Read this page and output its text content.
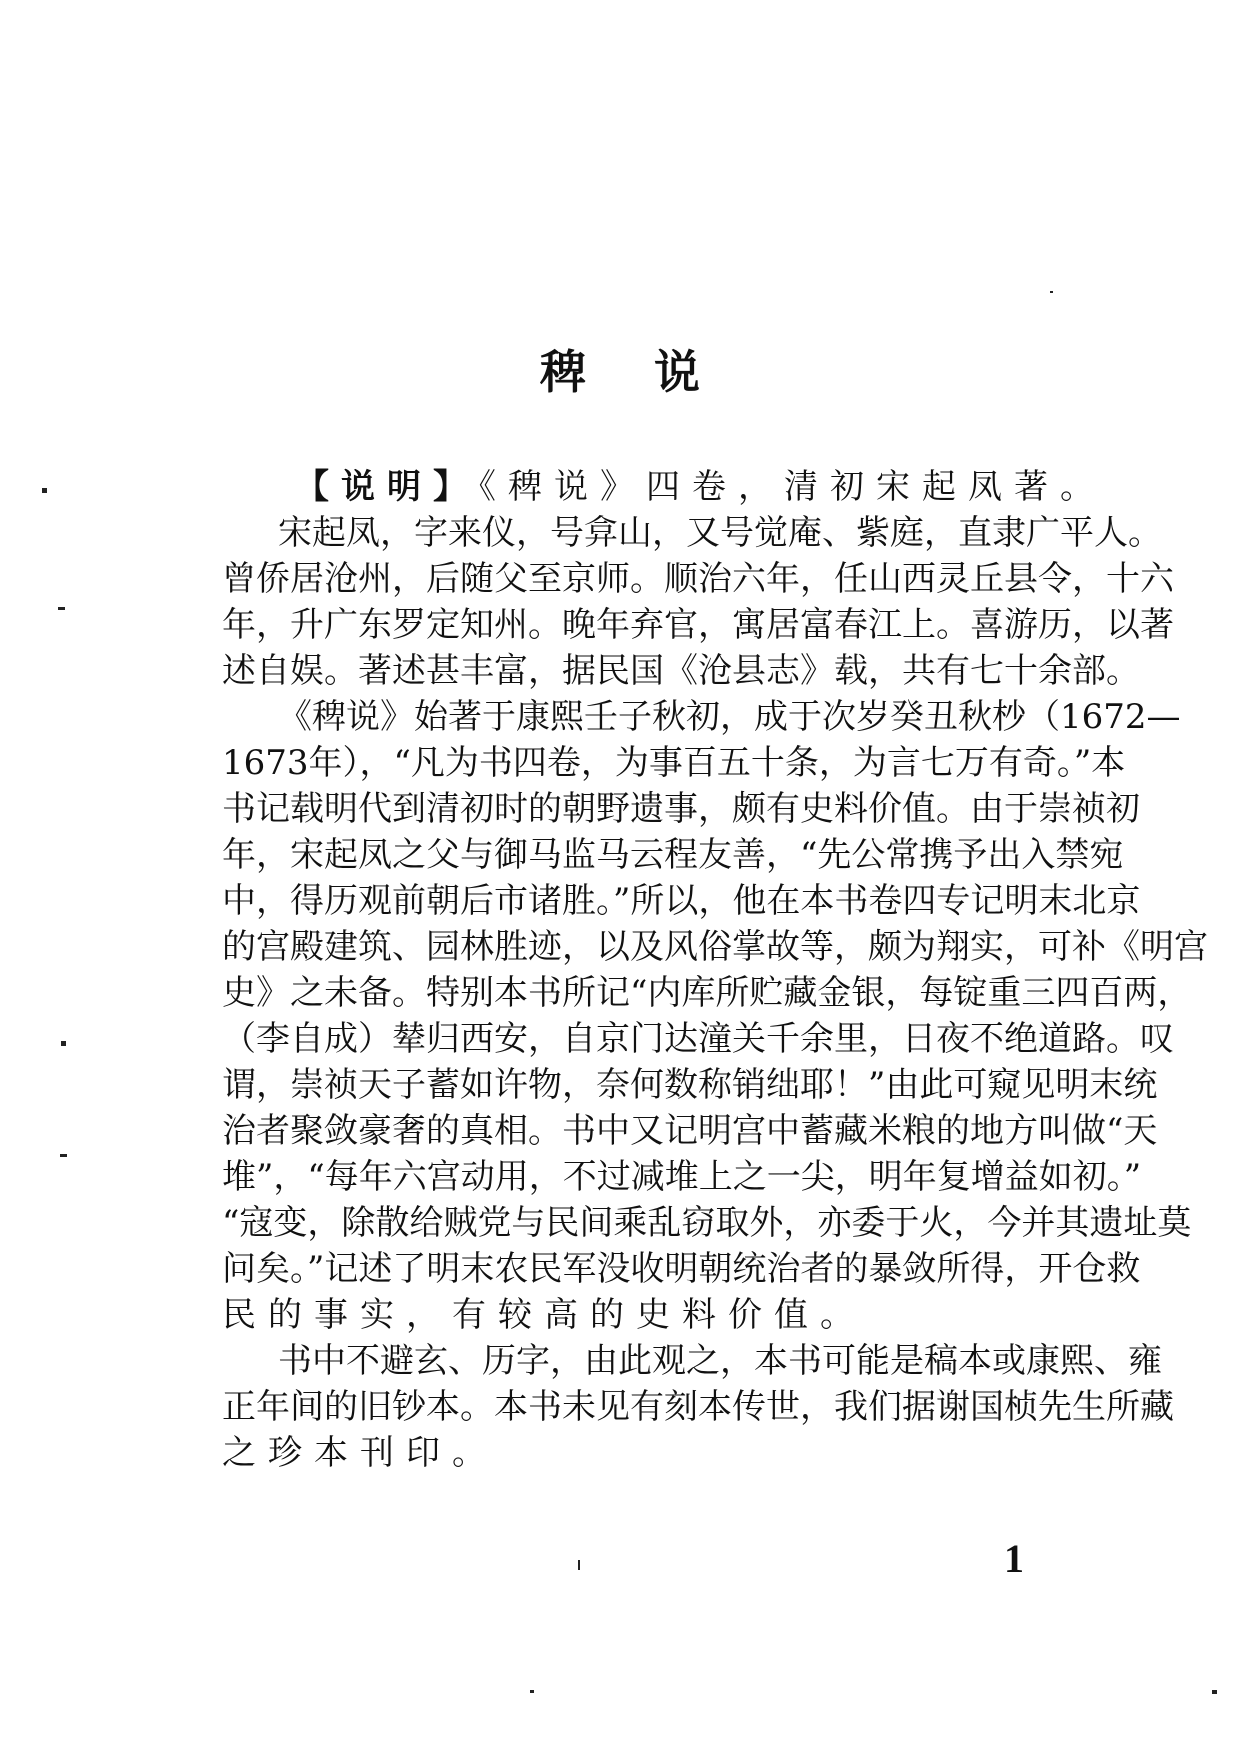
稗 说
【说明】《稗说》四卷，清初宋起凤著。
宋起凤，字来仪，号弇山，又号觉庵、紫庭，直隶广平人。
曾侨居沧州，后随父至京师。顺治六年，任山西灵丘县令，十六
年，升广东罗定知州。晚年弃官，寓居富春江上。喜游历，以著
述自娱。著述甚丰富，据民国《沧县志》载，共有七十余部。
《稗说》始著于康熙壬子秋初，成于次岁癸丑秋杪（1672—
1673年），“凡为书四卷，为事百五十条，为言七万有奇。”本
书记载明代到清初时的朝野遗事，颇有史料价值。由于崇祯初
年，宋起凤之父与御马监马云程友善，“先公常携予出入禁宛
中，得历观前朝后市诸胜。”所以，他在本书卷四专记明末北京
的宫殿建筑、园林胜迹，以及风俗掌故等，颇为翔实，可补《明宫
史》之未备。特别本书所记“内库所贮藏金银，每锭重三四百两，
（李自成）辇归西安，自京门达潼关千余里，日夜不绝道路。叹
谓，崇祯天子蓄如许物，奈何数称销绌耶！”由此可窥见明末统
治者聚敛豪奢的真相。书中又记明宫中蓄藏米粮的地方叫做“天
堆”，“每年六宫动用，不过减堆上之一尖，明年复增益如初。”
“寇变，除散给贼党与民间乘乱窃取外，亦委于火，今并其遗址莫
问矣。”记述了明末农民军没收明朝统治者的暴敛所得，开仓救
民的事实，有较高的史料价值。
书中不避玄、历字，由此观之，本书可能是稿本或康熙、雍
正年间的旧钞本。本书未见有刻本传世，我们据谢国桢先生所藏
之珍本刊印。
1
